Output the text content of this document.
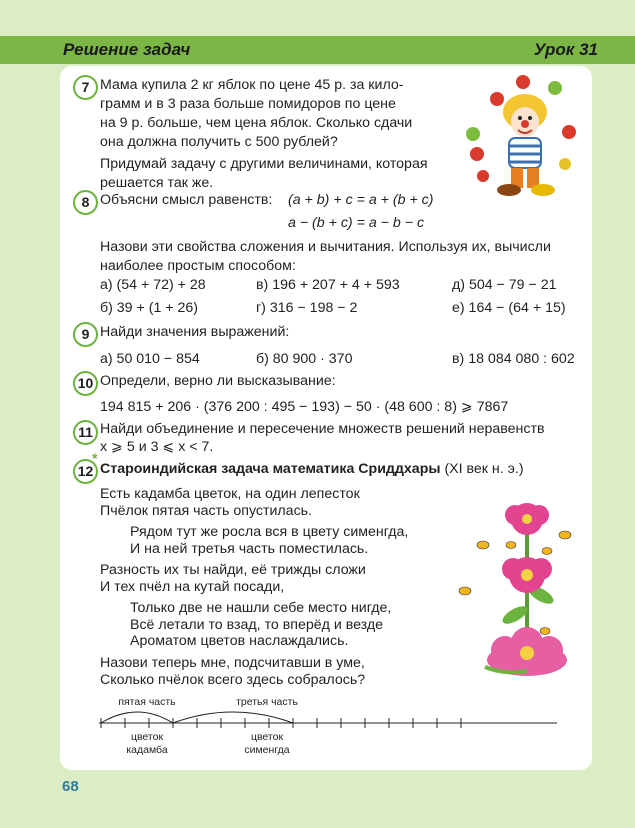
Решение задач	Урок 31
7 Мама купила 2 кг яблок по цене 45 р. за кило-
грамм и в 3 раза больше помидоров по цене
на 9 р. больше, чем цена яблок. Сколько сдачи
она должна получить с 500 рублей?
Придумай задачу с другими величинами, которая
решается так же.
8 Объясни смысл равенств: (a + b) + c = a + (b + c)
a − (b + c) = a − b − c
Назови эти свойства сложения и вычитания. Используя их, вычисли
наиболее простым способом:
а) (54 + 72) + 28	в) 196 + 207 + 4 + 593	д) 504 − 79 − 21
б) 39 + (1 + 26)	г) 316 − 198 − 2	е) 164 − (64 + 15)
9 Найди значения выражений:
а) 50 010 − 854	б) 80 900 · 370	в) 18 084 080 : 602
10 Определи, верно ли высказывание:
194 815 + 206 · (376 200 : 495 − 193) − 50 · (48 600 : 8) ⩾ 7867
11 Найди объединение и пересечение множеств решений неравенств
x ⩾ 5 и 3 ⩽ x < 7.
12
*
Староиндийская задача математика Сриддхары (XI век н. э.)
Есть кадамба цветок, на один лепесток
Пчёлок пятая часть опустилась.
Рядом тут же росла вся в цвету сименгда,
И на ней третья часть поместилась.
Разность их ты найди, её трижды сложи
И тех пчёл на кутай посади,
Только две не нашли себе место нигде,
Всё летали то взад, то вперёд и везде
Ароматом цветов наслаждались.
Назови теперь мне, подсчитавши в уме,
Сколько пчёлок всего здесь собралось?
пятая часть	третья часть
цветок
кадамба
цветок
сименгда
68
